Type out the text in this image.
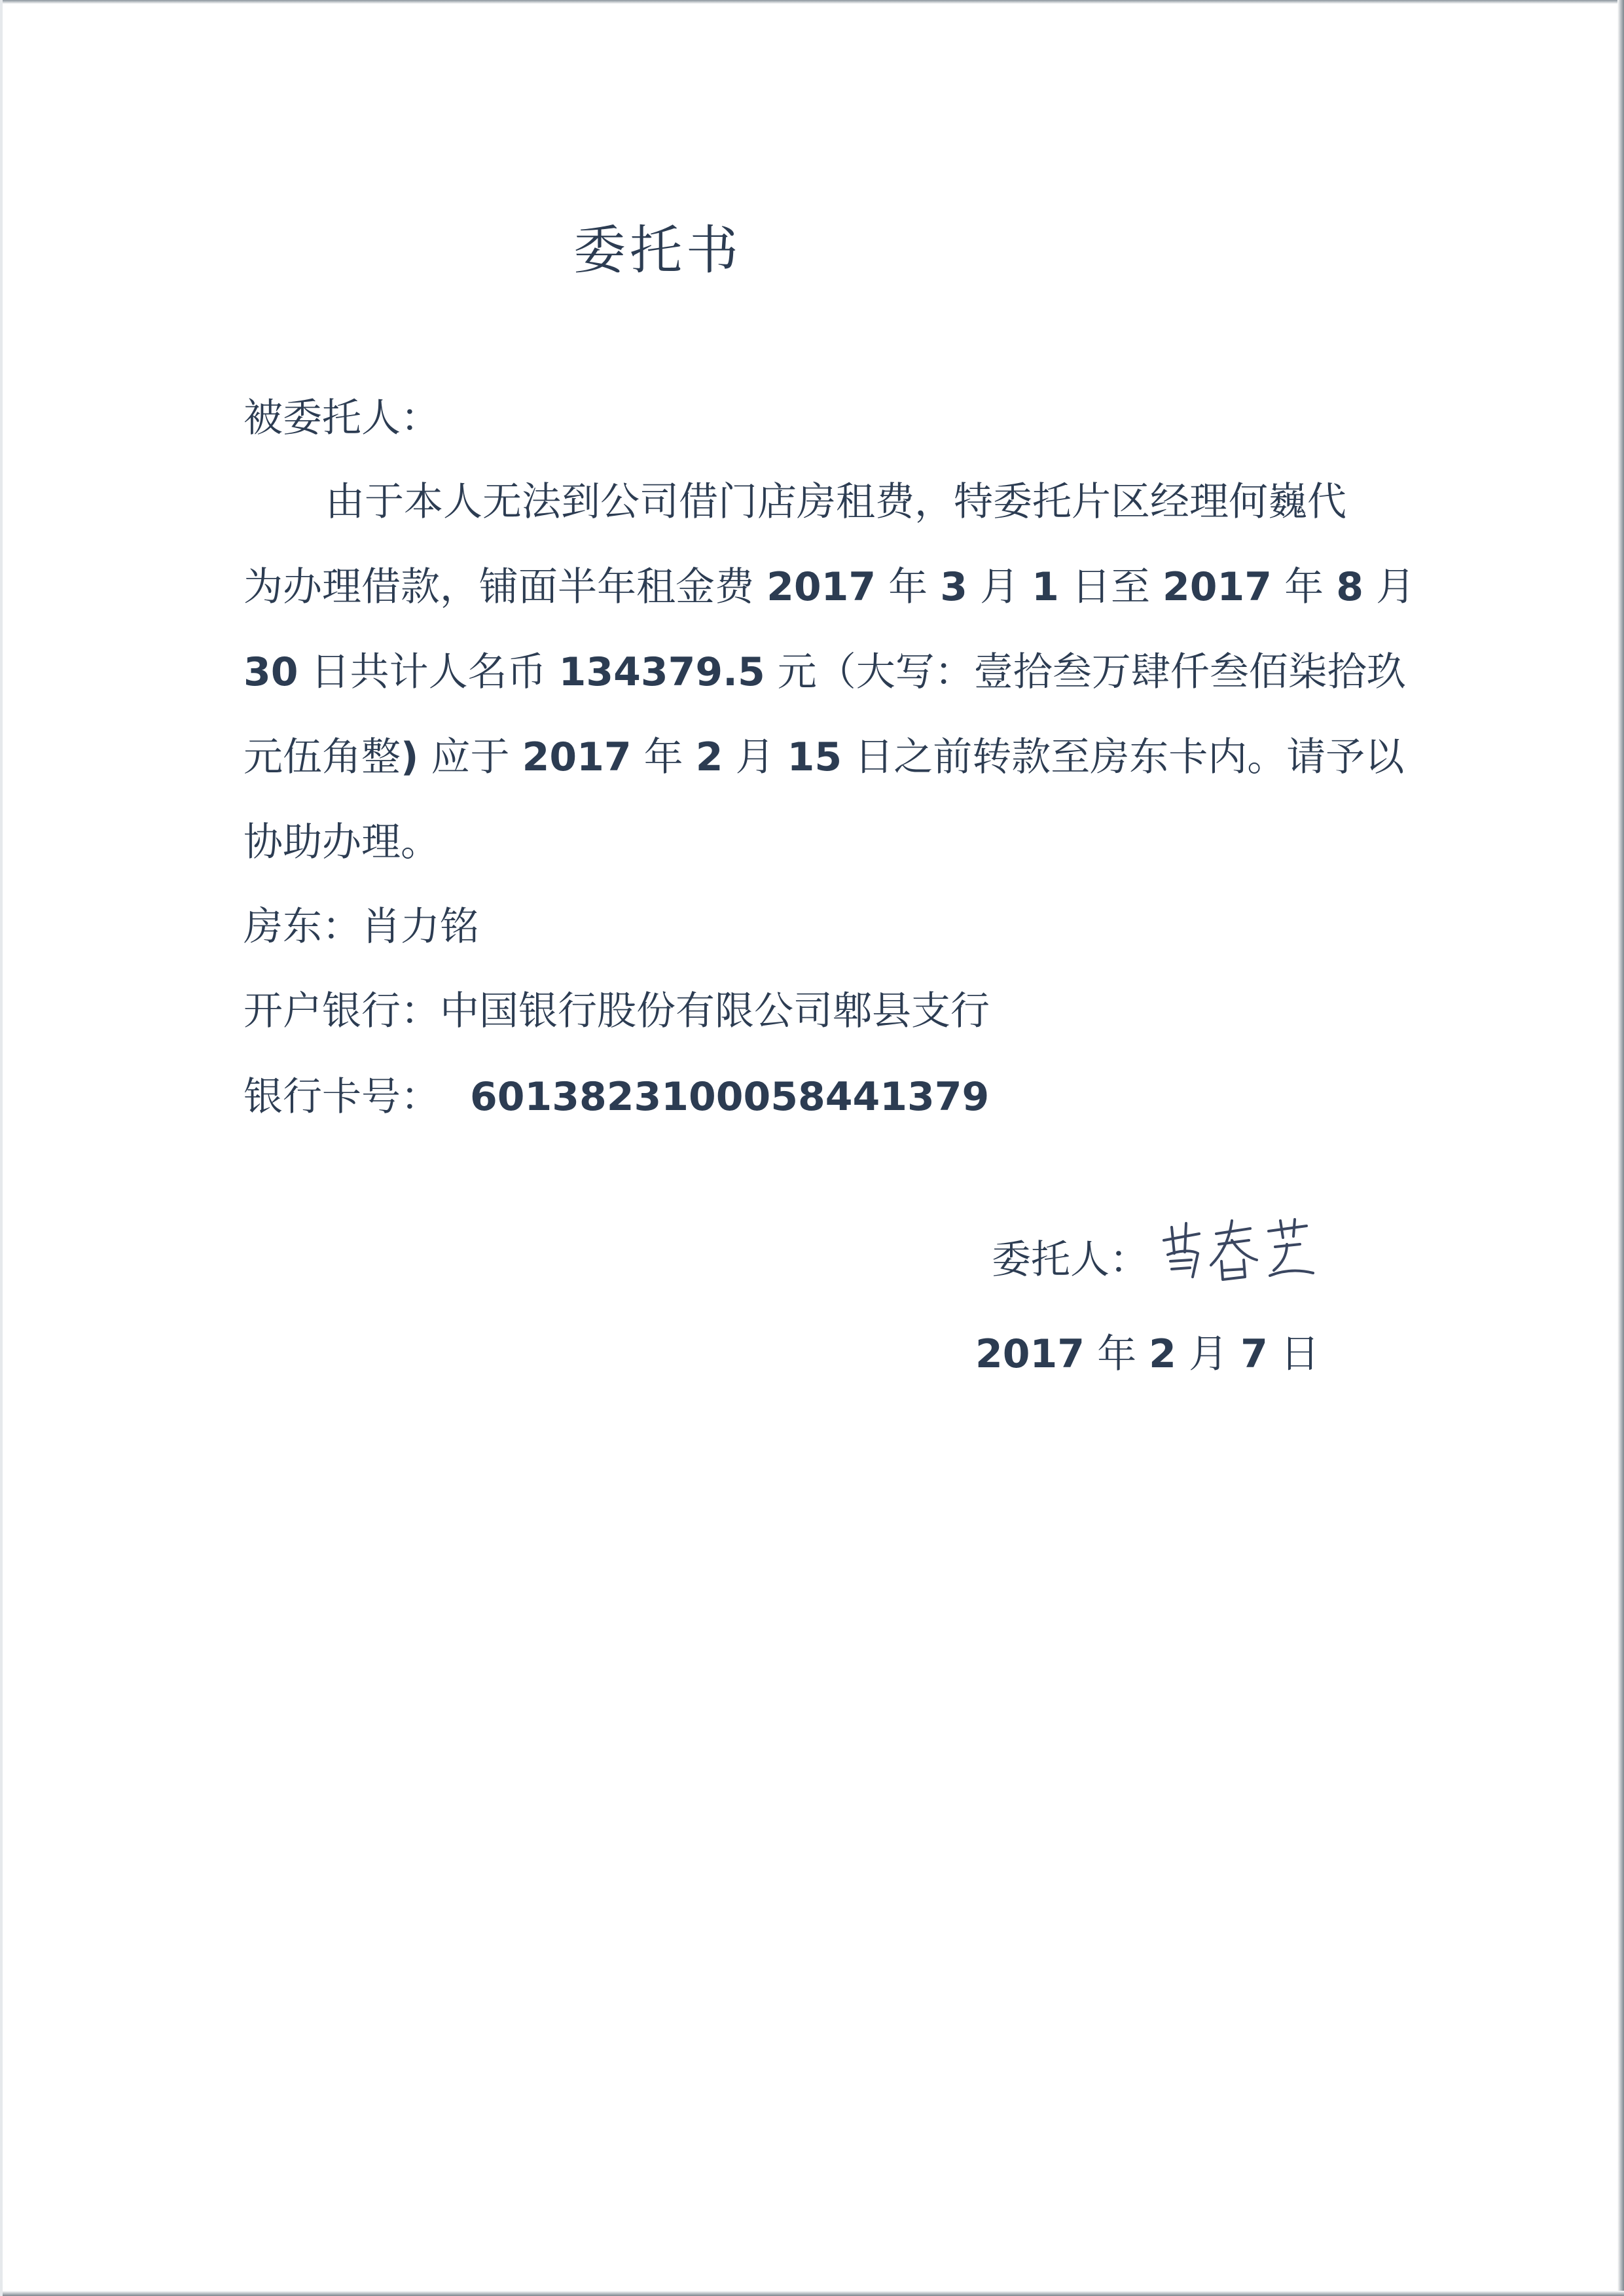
委托书

被委托人：

由于本人无法到公司借门店房租费，特委托片区经理何巍代

为办理借款，铺面半年租金费 2017 年 3 月 1 日至 2017 年 8 月

30 日共计人名币 134379.5 元（大写：壹拾叁万肆仟叁佰柒拾玖

元伍角整) 应于 2017 年 2 月 15 日之前转款至房东卡内。请予以

协助办理。

房东：肖力铭

开户银行：中国银行股份有限公司郫县支行

银行卡号： 6013823100058441379

委托人：
2017 年 2 月 7 日
